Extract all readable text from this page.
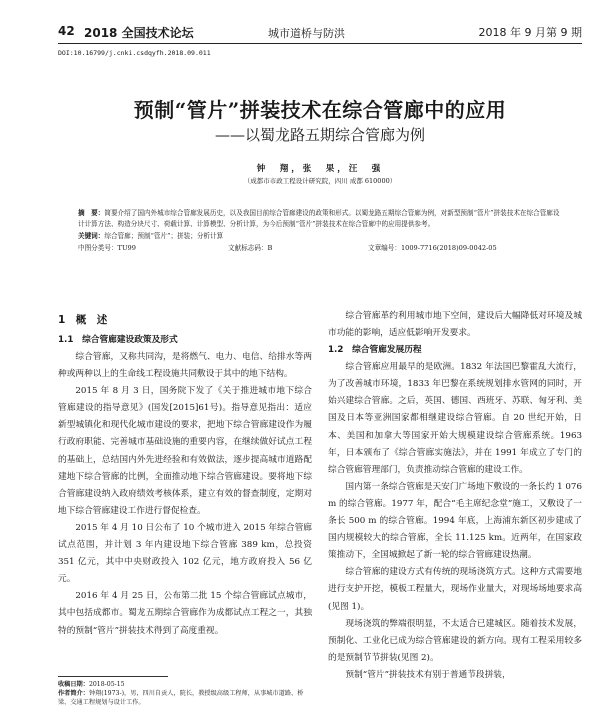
42 2018 全国技术论坛	城市道桥与防洪	2018 年 9 月第 9 期
DOI:10.16799/j.cnki.csdqyfh.2018.09.011
预制“管片”拼装技术在综合管廊中的应用
——以蜀龙路五期综合管廊为例
钟　翔，张　果，汪　强
（成都市市政工程设计研究院，四川 成都 610000）
摘　要：简要介绍了国内外城市综合管廊发展历史，以及我国目前综合管廊建设的政策和形式。以蜀龙路五期综合管廊为例，对新型预制“管片”拼装技术在综合管廊设计计算方法、构造分块尺寸、荷载计算、计算模型、分析计算，为今后预制“管片”拼装技术在综合管廊中的应用提供参考。
关键词：综合管廊；预制“管片”；拼装；分析计算
中图分类号：TU99	文献标志码：B	文章编号：1009-7716(2018)09-0042-05
1　概　述
1.1　综合管廊建设政策及形式

综合管廊，又称共同沟，是将燃气、电力、电信、给排水等两种或两种以上的生命线工程设施共同敷设于其中的地下结构。

2015 年 8 月 3 日，国务院下发了《关于推进城市地下综合管廊建设的指导意见》(国发[2015]61号)。指导意见指出：适应新型城镇化和现代化城市建设的要求，把地下综合管廊建设作为履行政府职能、完善城市基础设施的重要内容，在继续做好试点工程的基础上，总结国内外先进经验和有效做法，逐步提高城市道路配建地下综合管廊的比例，全面推动地下综合管廊建设。要将地下综合管廊建设纳入政府绩效考核体系，建立有效的督查制度，定期对地下综合管廊建设工作进行督促检查。

2015 年 4 月 10 日公布了 10 个城市进入 2015 年综合管廊试点范围，并计划 3 年内建设地下综合管廊 389 km，总投资 351 亿元，其中中央财政投入 102 亿元，地方政府投入 56 亿元。

2016 年 4 月 25 日，公布第二批 15 个综合管廊试点城市，其中包括成都市。蜀龙五期综合管廊作为成都试点工程之一，其独特的预制“管片”拼装技术得到了高度重视。

综合管廊革约利用城市地下空间，建设后大幅降低对环境及城市功能的影响，适应低影响开发要求。

1.2　综合管廊发展历程

综合管廊应用最早的是欧洲。1832 年法国巴黎霍乱大流行，为了改善城市环境，1833 年巴黎在系统规划排水管网的同时，开始兴建综合管廊。之后，英国、德国、西班牙、苏联、匈牙利、美国及日本等亚洲国家都相继建设综合管廊。自 20 世纪开始，日本、美国和加拿大等国家开始大规模建设综合管廊系统。1963 年，日本颁布了《综合管廊实施法》，并在 1991 年成立了专门的综合管廊管理部门，负责推动综合管廊的建设工作。

国内第一条综合管廊是天安门广场地下敷设的一条长约 1 076 m 的综合管廊。1977 年，配合“毛主席纪念堂”施工，又敷设了一条长 500 m 的综合管廊。1994 年底，上海浦东新区初步建成了国内规模较大的综合管廊，全长 11.125 km。近两年，在国家政策推动下，全国城掀起了新一轮的综合管廊建设热潮。

综合管廊的建设方式有传统的现场浇筑方式。这种方式需要地进行支护开挖，模板工程量大，现场作业量大，对现场场地要求高(见图 1)。

现场浇筑的弊端很明显，不太适合已建城区。随着技术发展，预制化、工业化已成为综合管廊建设的新方向。现有工程采用较多的是预制节节拼装(见图 2)。

预制“管片”拼装技术有别于普通节段拼装，

收稿日期：2018-05-15
作者简介：钟翔(1973-)，男，四川自贡人，院长，教授级高级工程师，从事城市道路、桥梁、交通工程规划与设计工作。
